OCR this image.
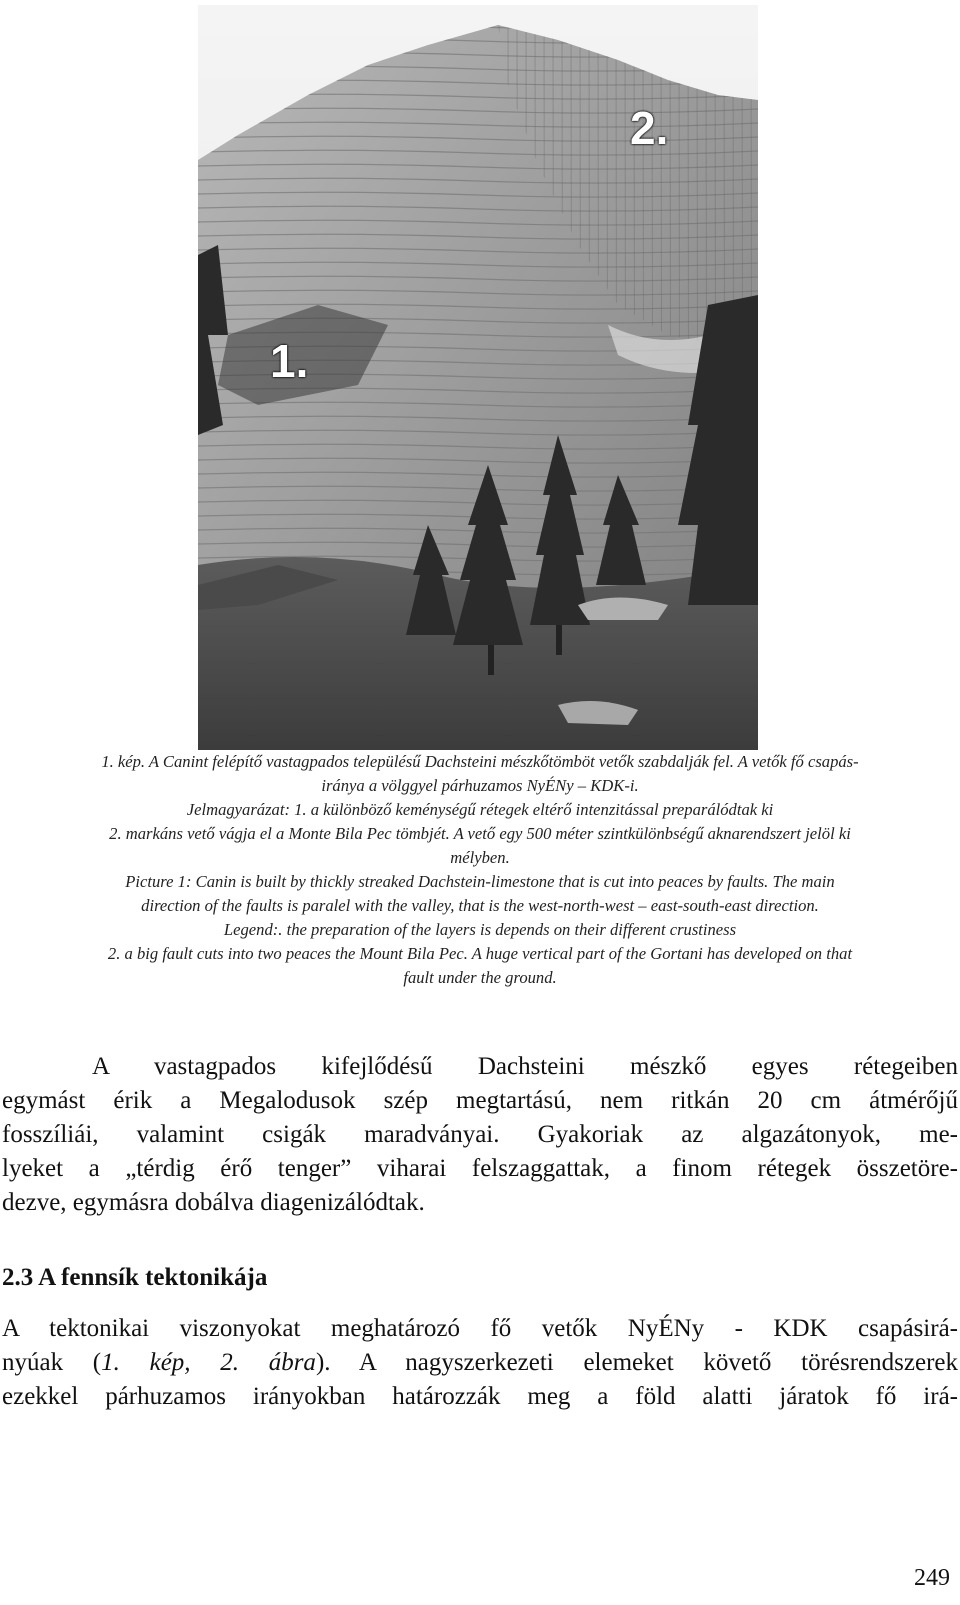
1.
2.
1. kép. A Canint felépítő vastagpados településű Dachsteini mészkőtömböt vetők szabdalják fel. A vetők fő csapás-
iránya a völggyel párhuzamos NyÉNy – KDK-i.
Jelmagyarázat: 1. a különböző keménységű rétegek eltérő intenzitással preparálódtak ki
2. markáns vető vágja el a Monte Bila Pec tömbjét. A vető egy 500 méter szintkülönbségű aknarendszert jelöl ki
mélyben.
Picture 1: Canin is built by thickly streaked Dachstein-limestone that is cut into peaces by faults. The main
direction of the faults is paralel with the valley, that is the west-north-west – east-south-east direction.
Legend:. the preparation of the layers is depends on their different crustiness
2. a big fault cuts into two peaces the Mount Bila Pec. A huge vertical part of the Gortani has developed on that
fault under the ground.
A vastagpados kifejlődésű Dachsteini mészkő egyes rétegeiben
egymást érik a Megalodusok szép megtartású, nem ritkán 20 cm átmérőjű
fosszíliái, valamint csigák maradványai. Gyakoriak az algazátonyok, me-
lyeket a „térdig érő tenger” viharai felszaggattak, a finom rétegek összetöre-
dezve, egymásra dobálva diagenizálódtak.
2.3 A fennsík tektonikája
A tektonikai viszonyokat meghatározó fő vetők NyÉNy - KDK csapásirá-
nyúak (1. kép, 2. ábra). A nagyszerkezeti elemeket követő törésrendszerek
ezekkel párhuzamos irányokban határozzák meg a föld alatti járatok fő irá-
249
